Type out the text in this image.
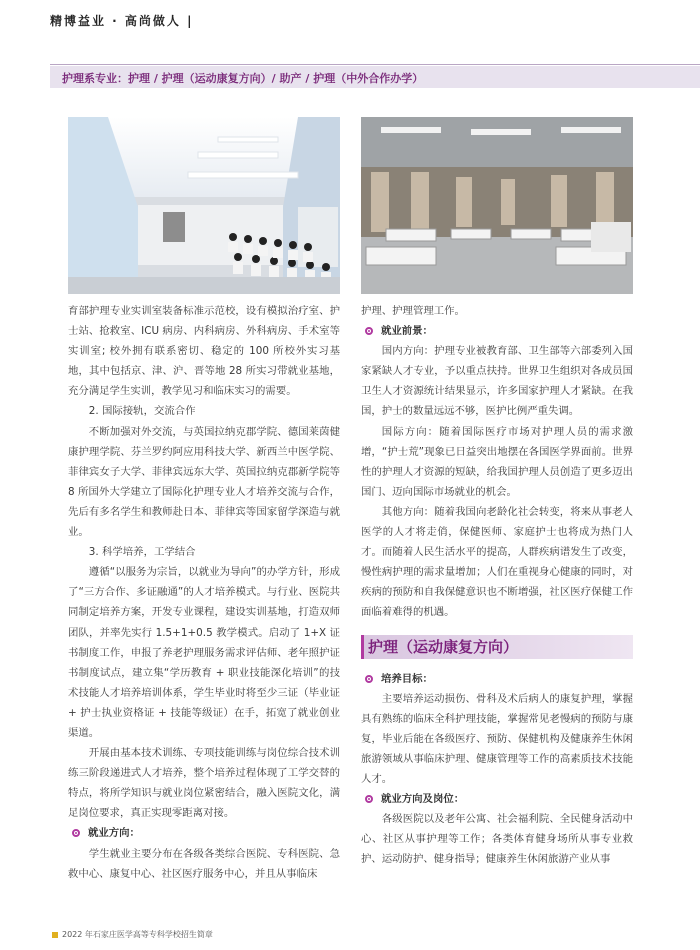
精博益业 · 高尚做人 |
护理系专业：护理 / 护理（运动康复方向）/ 助产 / 护理（中外合作办学）

育部护理专业实训室装备标准示范校，设有模拟治疗室、护士站、抢救室、ICU 病房、内科病房、外科病房、手术室等实训室; 校外拥有联系密切、稳定的 100 所校外实习基地，其中包括京、津、沪、晋等地 28 所实习带就业基地，充分满足学生实训，教学见习和临床实习的需要。

2. 国际接轨，交流合作

不断加强对外交流，与英国拉纳克郡学院、德国莱茵健康护理学院、芬兰罗约阿应用科技大学、新西兰中医学院、菲律宾女子大学、菲律宾远东大学、英国拉纳克郡新学院等 8 所国外大学建立了国际化护理专业人才培养交流与合作，先后有多名学生和教师赴日本、菲律宾等国家留学深造与就业。

3. 科学培养，工学结合

遵循“以服务为宗旨，以就业为导向”的办学方针，形成了“三方合作、多证融通”的人才培养模式。与行业、医院共同制定培养方案，开发专业课程，建设实训基地，打造双师团队，并率先实行 1.5+1+0.5 教学模式。启动了 1+X 证书制度工作，申报了养老护理服务需求评估师、老年照护证书制度试点，建立集“学历教育 + 职业技能深化培训”的技术技能人才培养培训体系，学生毕业时将至少三证（毕业证 + 护士执业资格证 + 技能等级证）在手，拓宽了就业创业渠道。

开展由基本技术训练、专项技能训练与岗位综合技术训练三阶段递进式人才培养，整个培养过程体现了工学交替的特点，将所学知识与就业岗位紧密结合，融入医院文化，满足岗位要求，真正实现零距离对接。

就业方向：

学生就业主要分布在各级各类综合医院、专科医院、急救中心、康复中心、社区医疗服务中心，并且从事临床

护理、护理管理工作。

就业前景：

国内方向：护理专业被教育部、卫生部等六部委列入国家紧缺人才专业，予以重点扶持。世界卫生组织对各成员国卫生人才资源统计结果显示，许多国家护理人才紧缺。在我国，护士的数量远远不够，医护比例严重失调。

国际方向：随着国际医疗市场对护理人员的需求激增，“护士荒”现象已日益突出地摆在各国医学界面前。世界性的护理人才资源的短缺，给我国护理人员创造了更多迈出国门、迈向国际市场就业的机会。

其他方向：随着我国向老龄化社会转变，将来从事老人医学的人才将走俏，保健医师、家庭护士也将成为热门人才。而随着人民生活水平的提高，人群疾病谱发生了改变，慢性病护理的需求量增加；人们在重视身心健康的同时，对疾病的预防和自我保健意识也不断增强，社区医疗保健工作面临着难得的机遇。

护理（运动康复方向）

培养目标：

主要培养运动损伤、骨科及术后病人的康复护理，掌握具有熟练的临床全科护理技能，掌握常见老慢病的预防与康复，毕业后能在各级医疗、预防、保健机构及健康养生休闲旅游领域从事临床护理、健康管理等工作的高素质技术技能人才。

就业方向及岗位：

各级医院以及老年公寓、社会福利院、全民健身活动中心、社区从事护理等工作；各类体育健身场所从事专业救护、运动防护、健身指导；健康养生休闲旅游产业从事

2022 年石家庄医学高等专科学校招生简章
